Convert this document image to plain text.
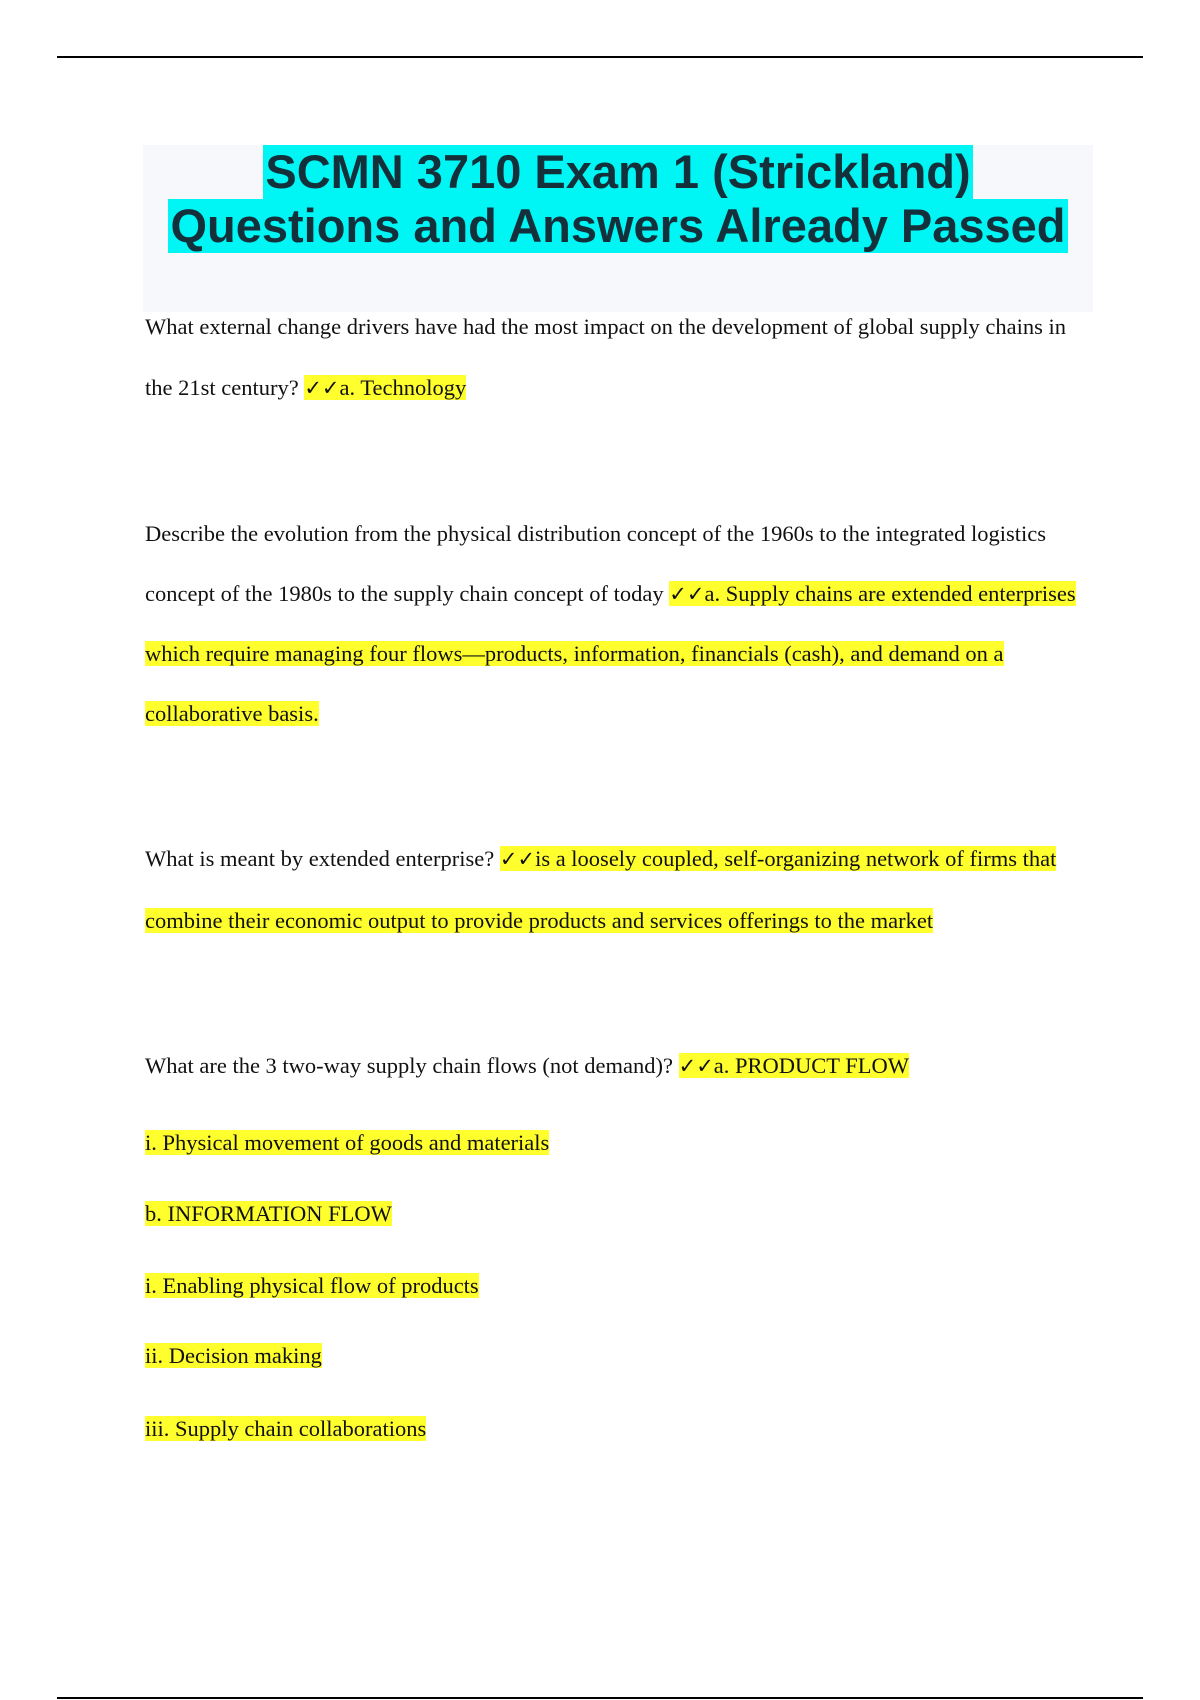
SCMN 3710 Exam 1 (Strickland)
Questions and Answers Already Passed

What external change drivers have had the most impact on the development of global supply chains in the 21st century? ✓✓a. Technology

Describe the evolution from the physical distribution concept of the 1960s to the integrated logistics concept of the 1980s to the supply chain concept of today ✓✓a. Supply chains are extended enterprises which require managing four flows—products, information, financials (cash), and demand on a collaborative basis.

What is meant by extended enterprise? ✓✓is a loosely coupled, self-organizing network of firms that combine their economic output to provide products and services offerings to the market

What are the 3 two-way supply chain flows (not demand)? ✓✓a. PRODUCT FLOW

i. Physical movement of goods and materials

b. INFORMATION FLOW

i. Enabling physical flow of products

ii. Decision making

iii. Supply chain collaborations
